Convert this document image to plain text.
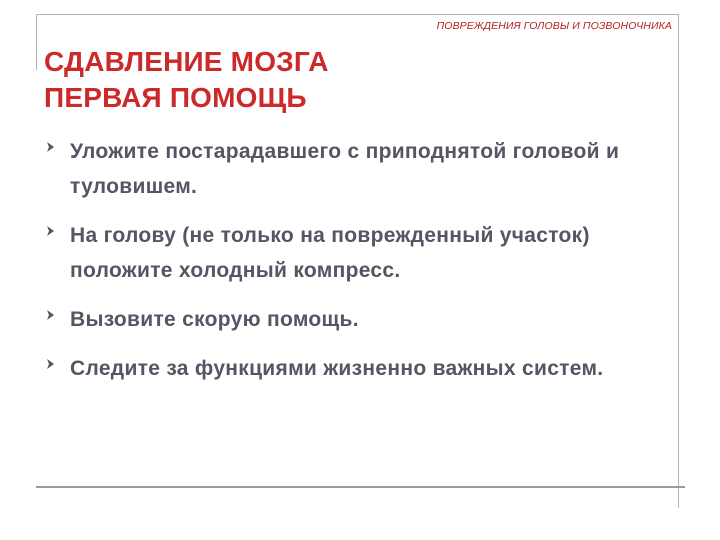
ПОВРЕЖДЕНИЯ ГОЛОВЫ И ПОЗВОНОЧНИКА
СДАВЛЕНИЕ МОЗГА
ПЕРВАЯ ПОМОЩЬ
Уложите постарадавшего с приподнятой головой и туловишем.
На голову (не только на поврежденный участок) положите холодный компресс.
Вызовите скорую помощь.
Следите за функциями жизненно важных систем.
